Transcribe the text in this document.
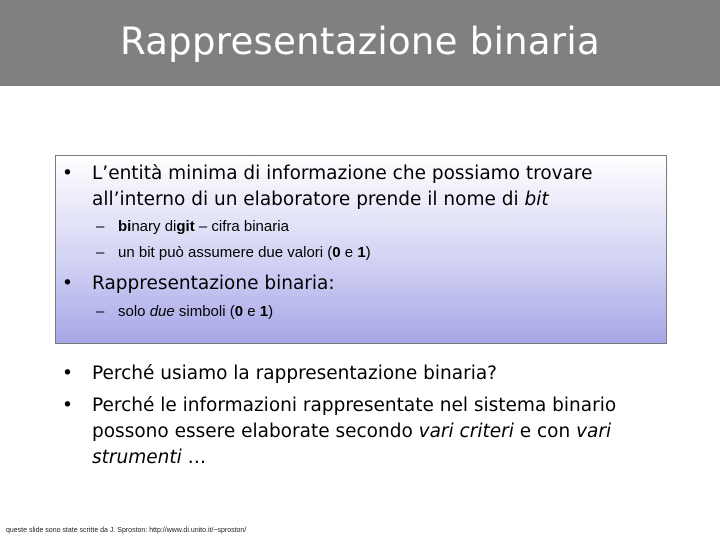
Rappresentazione binaria
•	L’entità minima di informazione che possiamo trovare all’interno di un elaboratore prende il nome di bit
– binary digit – cifra binaria
– un bit può assumere due valori (0 e 1)
•	Rappresentazione binaria:
– solo due simboli (0 e 1)
•	Perché usiamo la rappresentazione binaria?
•	Perché le informazioni rappresentate nel sistema binario possono essere elaborate secondo vari criteri e con vari strumenti …
queste slide sono state scritte da J. Sproston: http://www.di.unito.it/~sproston/
